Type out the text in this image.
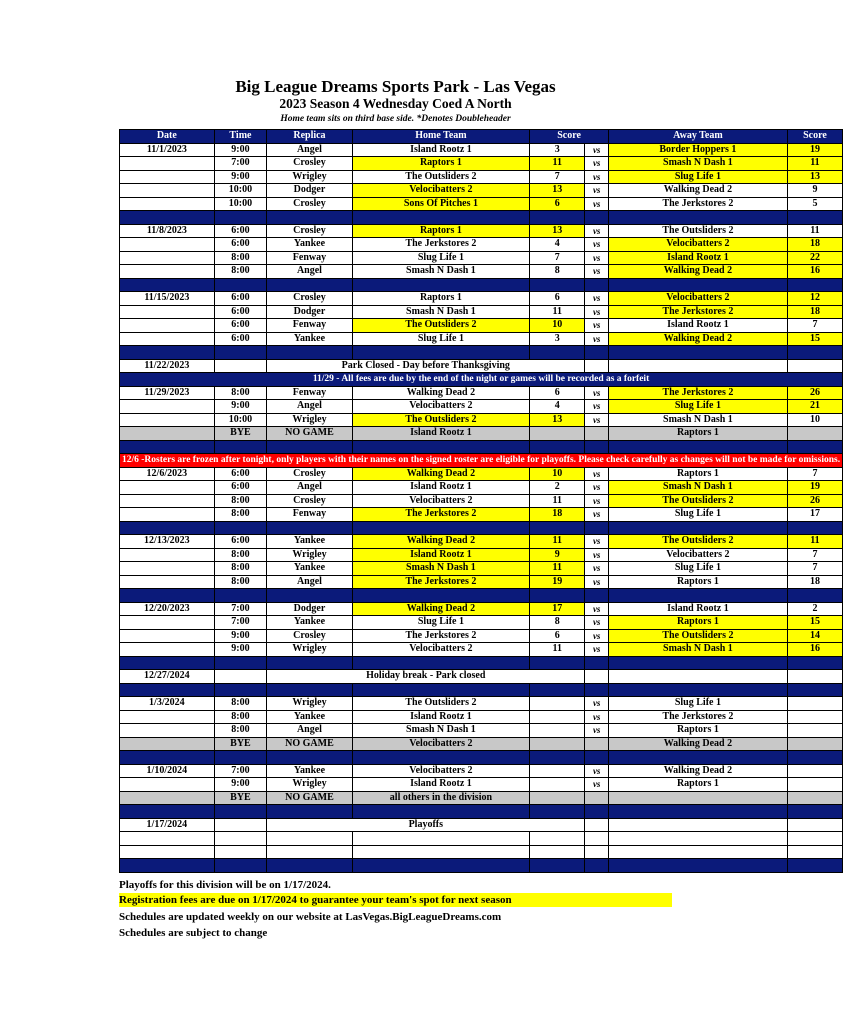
Big League Dreams Sports Park - Las Vegas
2023 Season 4 Wednesday Coed A North
Home team sits on third base side. *Denotes Doubleheader
Date	Time	Replica	Home Team	Score		Away Team	Score
11/1/2023	9:00	Angel	Island Rootz 1	3	vs	Border Hoppers 1	19
	7:00	Crosley	Raptors 1	11	vs	Smash N Dash 1	11
	9:00	Wrigley	The Outsliders 2	7	vs	Slug Life 1	13
	10:00	Dodger	Velocibatters 2	13	vs	Walking Dead 2	9
	10:00	Crosley	Sons Of Pitches 1	6	vs	The Jerkstores 2	5

11/8/2023	6:00	Crosley	Raptors 1	13	vs	The Outsliders 2	11
	6:00	Yankee	The Jerkstores 2	4	vs	Velocibatters 2	18
	8:00	Fenway	Slug Life 1	7	vs	Island Rootz 1	22
	8:00	Angel	Smash N Dash 1	8	vs	Walking Dead 2	16

11/15/2023	6:00	Crosley	Raptors 1	6	vs	Velocibatters 2	12
	6:00	Dodger	Smash N Dash 1	11	vs	The Jerkstores 2	18
	6:00	Fenway	The Outsliders 2	10	vs	Island Rootz 1	7
	6:00	Yankee	Slug Life 1	3	vs	Walking Dead 2	15

11/22/2023		Park Closed - Day before Thanksgiving					
11/29 - All fees are due by the end of the night or games will be recorded as a forfeit							
11/29/2023	8:00	Fenway	Walking Dead 2	6	vs	The Jerkstores 2	26
	9:00	Angel	Velocibatters 2	4	vs	Slug Life 1	21
	10:00	Wrigley	The Outsliders 2	13	vs	Smash N Dash 1	10
	BYE	NO GAME	Island Rootz 1			Raptors 1	

12/6 -Rosters are frozen after tonight, only players with their names on the signed roster are eligible for playoffs. Please check carefully as changes will not be made for omissions.							
12/6/2023	6:00	Crosley	Walking Dead 2	10	vs	Raptors 1	7
	6:00	Angel	Island Rootz 1	2	vs	Smash N Dash 1	19
	8:00	Crosley	Velocibatters 2	11	vs	The Outsliders 2	26
	8:00	Fenway	The Jerkstores 2	18	vs	Slug Life 1	17

12/13/2023	6:00	Yankee	Walking Dead 2	11	vs	The Outsliders 2	11
	8:00	Wrigley	Island Rootz 1	9	vs	Velocibatters 2	7
	8:00	Yankee	Smash N Dash 1	11	vs	Slug Life 1	7
	8:00	Angel	The Jerkstores 2	19	vs	Raptors 1	18

12/20/2023	7:00	Dodger	Walking Dead 2	17	vs	Island Rootz 1	2
	7:00	Yankee	Slug Life 1	8	vs	Raptors 1	15
	9:00	Crosley	The Jerkstores 2	6	vs	The Outsliders 2	14
	9:00	Wrigley	Velocibatters 2	11	vs	Smash N Dash 1	16

12/27/2024		Holiday break - Park closed					

1/3/2024	8:00	Wrigley	The Outsliders 2		vs	Slug Life 1	
	8:00	Yankee	Island Rootz 1		vs	The Jerkstores 2	
	8:00	Angel	Smash N Dash 1		vs	Raptors 1	
	BYE	NO GAME	Velocibatters 2			Walking Dead 2	

1/10/2024	7:00	Yankee	Velocibatters 2		vs	Walking Dead 2	
	9:00	Wrigley	Island Rootz 1		vs	Raptors 1	
	BYE	NO GAME	all others in the division				

1/17/2024		Playoffs					

Playoffs for this division will be on 1/17/2024.
Registration fees are due on 1/17/2024 to guarantee your team's spot for next season
Schedules are updated weekly on our website at LasVegas.BigLeagueDreams.com
Schedules are subject to change
